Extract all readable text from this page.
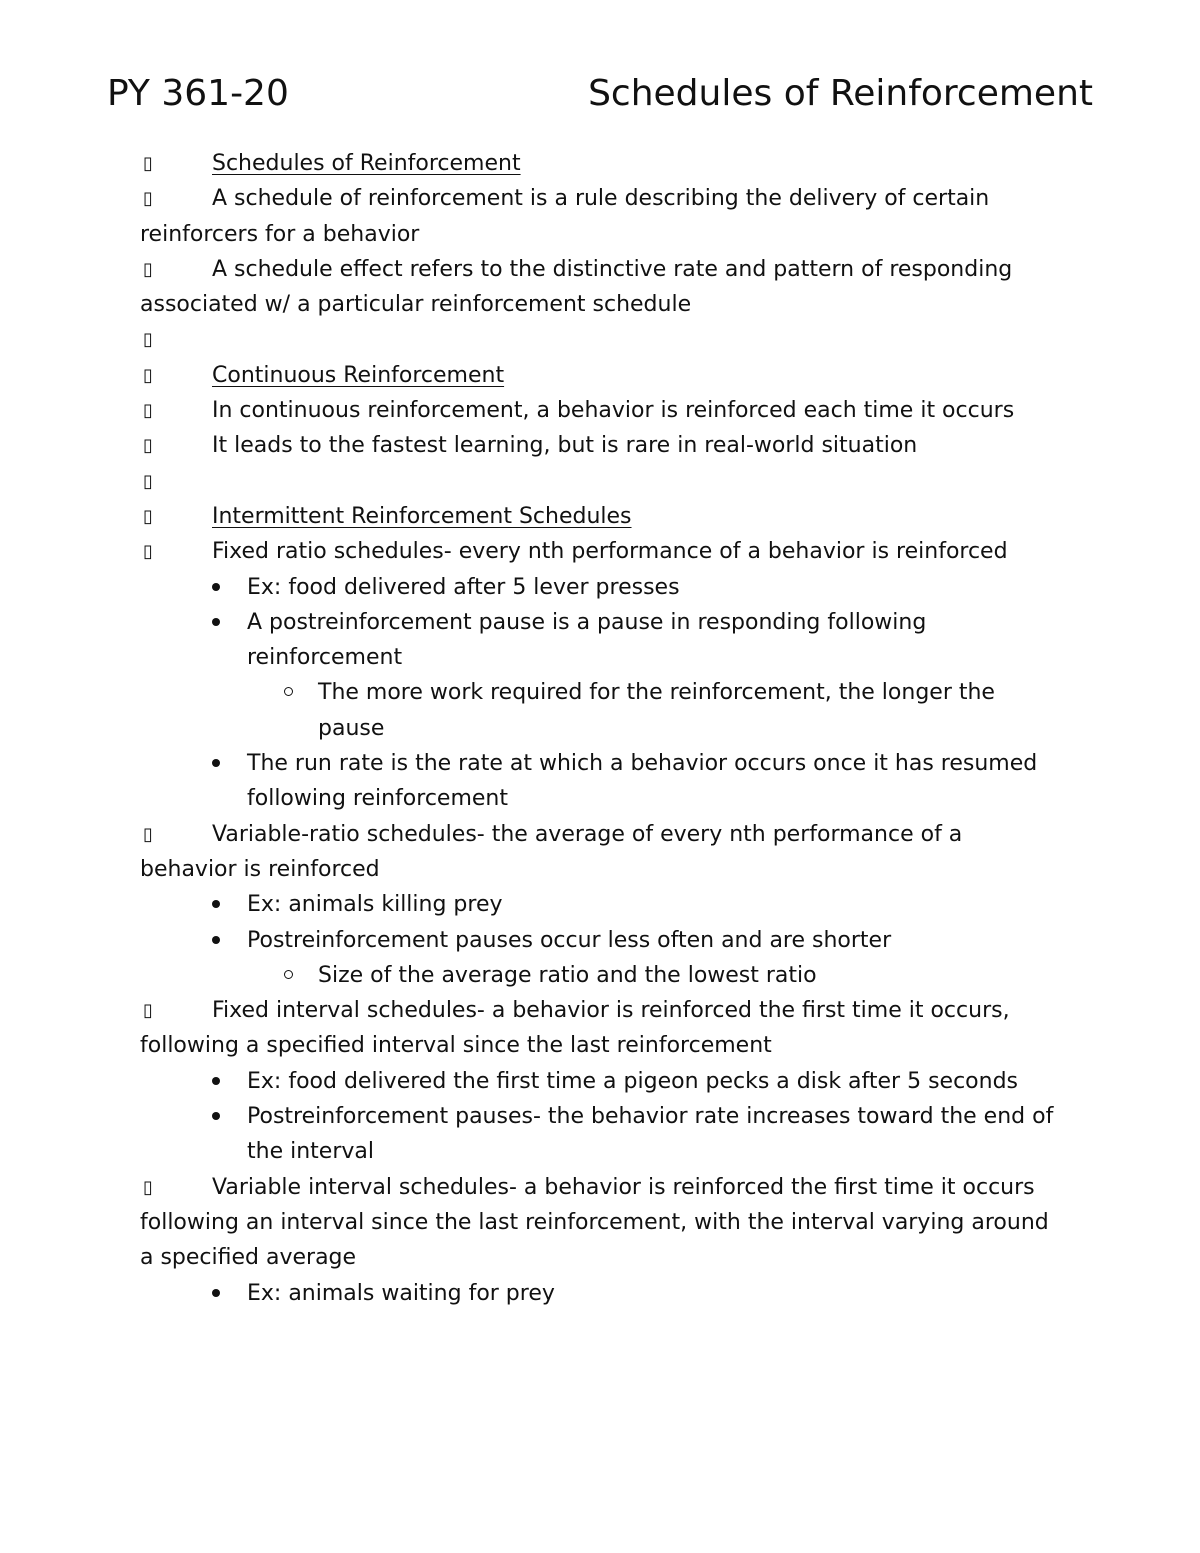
PY 361-20	Schedules of Reinforcement
▯Schedules of Reinforcement
▯A schedule of reinforcement is a rule describing the delivery of certain reinforcers for a behavior
▯A schedule effect refers to the distinctive rate and pattern of responding associated w/ a particular reinforcement schedule
▯
▯Continuous Reinforcement
▯In continuous reinforcement, a behavior is reinforced each time it occurs
▯It leads to the fastest learning, but is rare in real-world situation
▯
▯Intermittent Reinforcement Schedules
▯Fixed ratio schedules- every nth performance of a behavior is reinforced
Ex: food delivered after 5 lever presses
A postreinforcement pause is a pause in responding following reinforcement
The more work required for the reinforcement, the longer the pause
The run rate is the rate at which a behavior occurs once it has resumed following reinforcement
▯Variable-ratio schedules- the average of every nth performance of a behavior is reinforced
Ex: animals killing prey
Postreinforcement pauses occur less often and are shorter
Size of the average ratio and the lowest ratio
▯Fixed interval schedules- a behavior is reinforced the first time it occurs, following a specified interval since the last reinforcement
Ex: food delivered the first time a pigeon pecks a disk after 5 seconds
Postreinforcement pauses- the behavior rate increases toward the end of the interval
▯Variable interval schedules- a behavior is reinforced the first time it occurs following an interval since the last reinforcement, with the interval varying around a specified average
Ex: animals waiting for prey
